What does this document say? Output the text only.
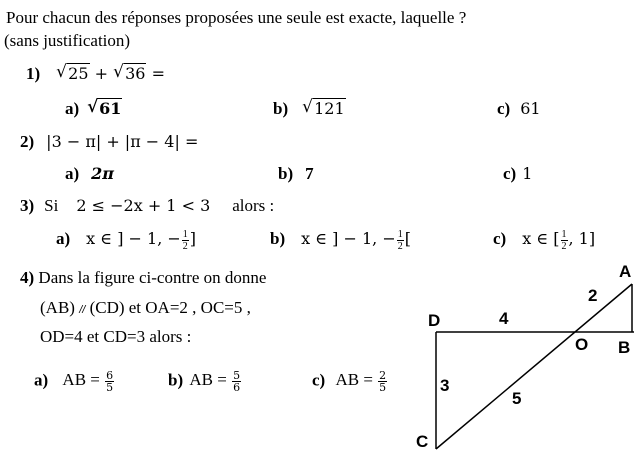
Pour chacun des réponses proposées une seule est exacte, laquelle ?
(sans justification)
1) √ 25 + √ 36 =
a) √ 61	b) √ 121	c) 61
2) |3 − π| + |π − 4| =
a) 2π	b) 7	c) 1
3) Si 2 ≤ −2x + 1 < 3 alors :
a) x ∈ ] − 1, − $\frac{1}{2}$ ]	b) x ∈ ] − 1, − $\frac{1}{2}$ [	c) x ∈ [ $\frac{1}{2}$ , 1]
4) Dans la figure ci-contre on donne
(AB) // (CD) et OA=2 , OC=5 ,
OD=4 et CD=3 alors :
a) AB = $\frac{6}{5}$	b) AB = $\frac{5}{6}$	c) AB = $\frac{2}{5}$
A
B
C
D
O
2
4
3
5
